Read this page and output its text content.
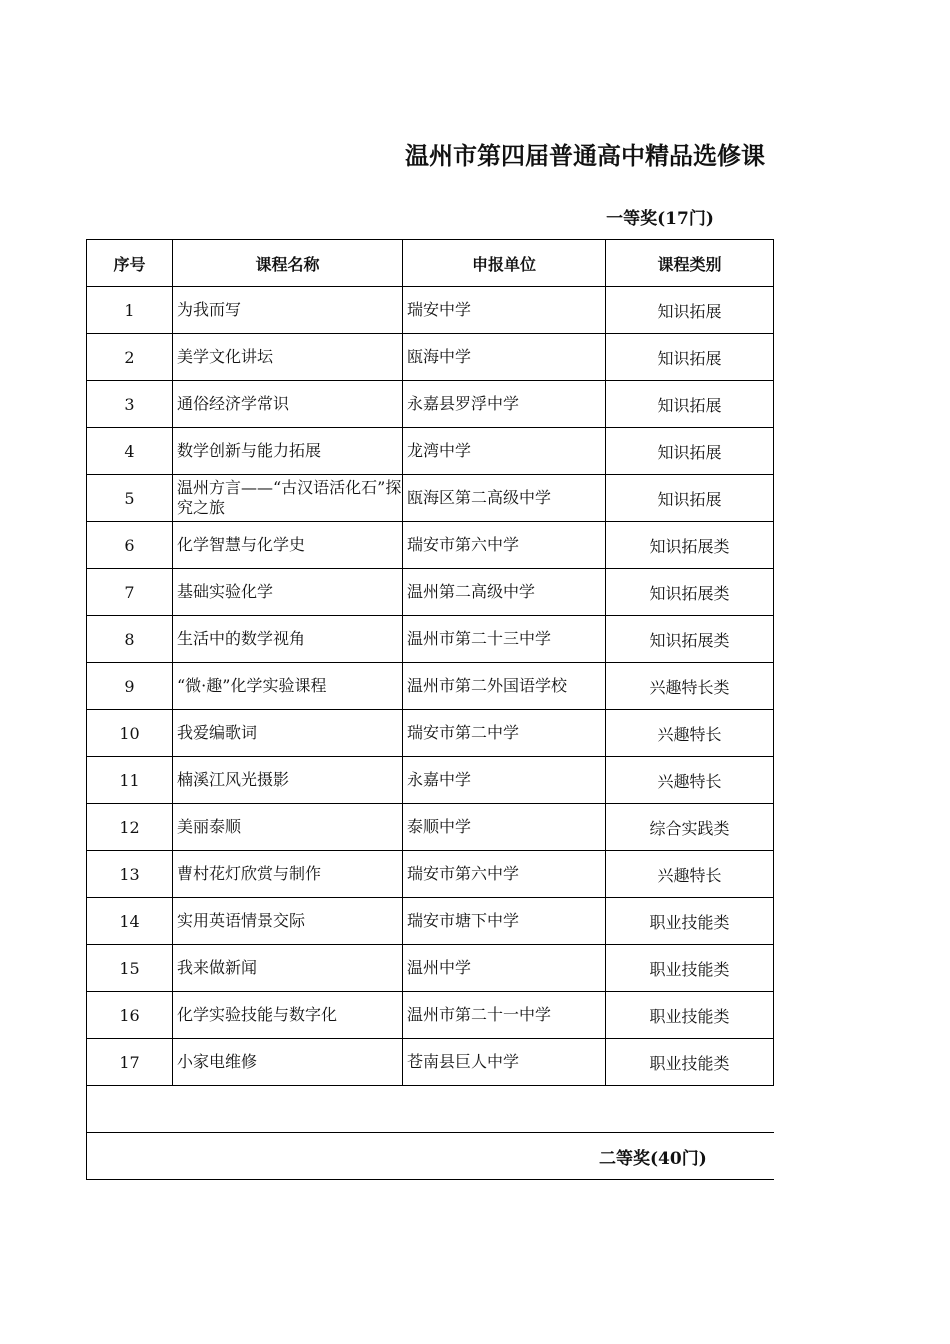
温州市第四届普通高中精品选修课
一等奖(17门)
序号	课程名称	申报单位	课程类别	
1	为我而写	瑞安中学	知识拓展	
2	美学文化讲坛	瓯海中学	知识拓展	
3	通俗经济学常识	永嘉县罗浮中学	知识拓展	
4	数学创新与能力拓展	龙湾中学	知识拓展	
5	温州方言——“古汉语活化石”探究之旅	瓯海区第二高级中学	知识拓展	
6	化学智慧与化学史	瑞安市第六中学	知识拓展类	
7	基础实验化学	温州第二高级中学	知识拓展类	
8	生活中的数学视角	温州市第二十三中学	知识拓展类	
9	“微·趣”化学实验课程	温州市第二外国语学校	兴趣特长类	
10	我爱编歌词	瑞安市第二中学	兴趣特长	
11	楠溪江风光摄影	永嘉中学	兴趣特长	
12	美丽泰顺	泰顺中学	综合实践类	
13	曹村花灯欣赏与制作	瑞安市第六中学	兴趣特长	
14	实用英语情景交际	瑞安市塘下中学	职业技能类	
15	我来做新闻	温州中学	职业技能类	
16	化学实验技能与数字化	温州市第二十一中学	职业技能类	
17	小家电维修	苍南县巨人中学	职业技能类	

二等奖(40门)				
